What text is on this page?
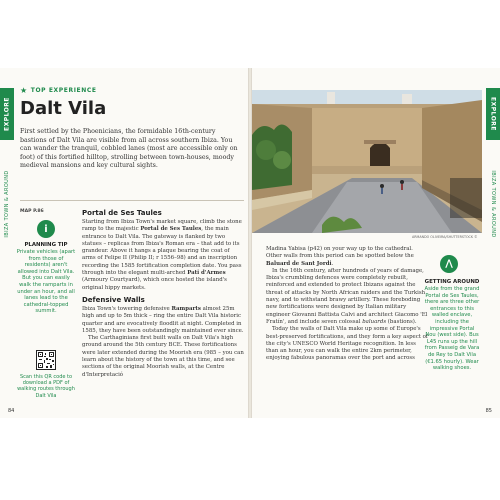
EXPLORE
IBIZA TOWN & AROUND
★ TOP EXPERIENCE
Dalt Vila
First settled by the Phoenicians, the formidable 16th-century bastions of Dalt Vila are visible from all across southern Ibiza. You can wander the tranquil, cobbled lanes (most are accessible only on foot) of this fortified hilltop, strolling between town-houses, moody medieval mansions and key cultural sights.
MAP P.86
i
PLANNING TIP
Private vehicles (apart from those of residents) aren't allowed into Dalt Vila. But you can easily walk the ramparts in under an hour, and all lanes lead to the cathedral-topped summit.
Scan this QR code to download a PDF of walking routes through Dalt Vila
Portal de Ses Taules

Starting from Ibiza Town's market square, climb the stone ramp to the majestic Portal de Ses Taules, the main entrance to Dalt Vila. The gateway is flanked by two statues – replicas from Ibiza's Roman era – that add to its grandeur. Above it hangs a plaque bearing the coat of arms of Felipe II (Philip II; r 1556–98) and an inscription recording the 1585 fortification completion date. You pass through into the elegant multi-arched Pati d'Armes (Armoury Courtyard), which once hosted the island's original hippy markets.

Defensive Walls

Ibiza Town's towering defensive Ramparts almost 25m high and up to 5m thick – ring the entire Dalt Vila historic quarter and are evocatively floodlit at night. Completed in 1585, they have been outstandingly maintained ever since.

The Carthaginians first built walls on Dalt Vila's high ground around the 5th century BCE. These fortifications were later extended during the Moorish era (985 – you can learn about the history of the town at this time, and see sections of the original Moorish walls, at the Centre d'Interpretació

84
ARMANDO OLIVEIRA/SHUTTERSTOCK ©

Madina Yabisa (p42) on your way up to the cathedral. Other walls from this period can be spotted below the Baluard de Sant Jordi.

In the 16th century, after hundreds of years of damage, Ibiza's crumbling defences were completely rebuilt, reinforced and extended to protect Ibizans against the threat of attacks by North African raiders and the Turkish navy, and to withstand brawy artillery. These foreboding new fortifications were designed by Italian military engineer Giovanni Battista Calvi and architect Giacomo 'El Fratín', and include seven colossal baluards (bastions).

Today the walls of Dalt Vila make up some of Europe's best-preserved fortifications, and they form a key aspect of the city's UNESCO World Heritage recognition. In less than an hour, you can walk the entire 2km perimeter, enjoying fabulous panoramas over the port and across

⋀
GETTING AROUND
Aside from the grand Portal de Ses Taules, there are three other entrances to this walled enclave, including the impressive Portal Nou (west side). Bus L45 runs up the hill from Passeig de Vara de Rey to Dalt Vila (€1.65 hourly). Wear walking shoes.
EXPLORE
IBIZA TOWN & AROUND
85
